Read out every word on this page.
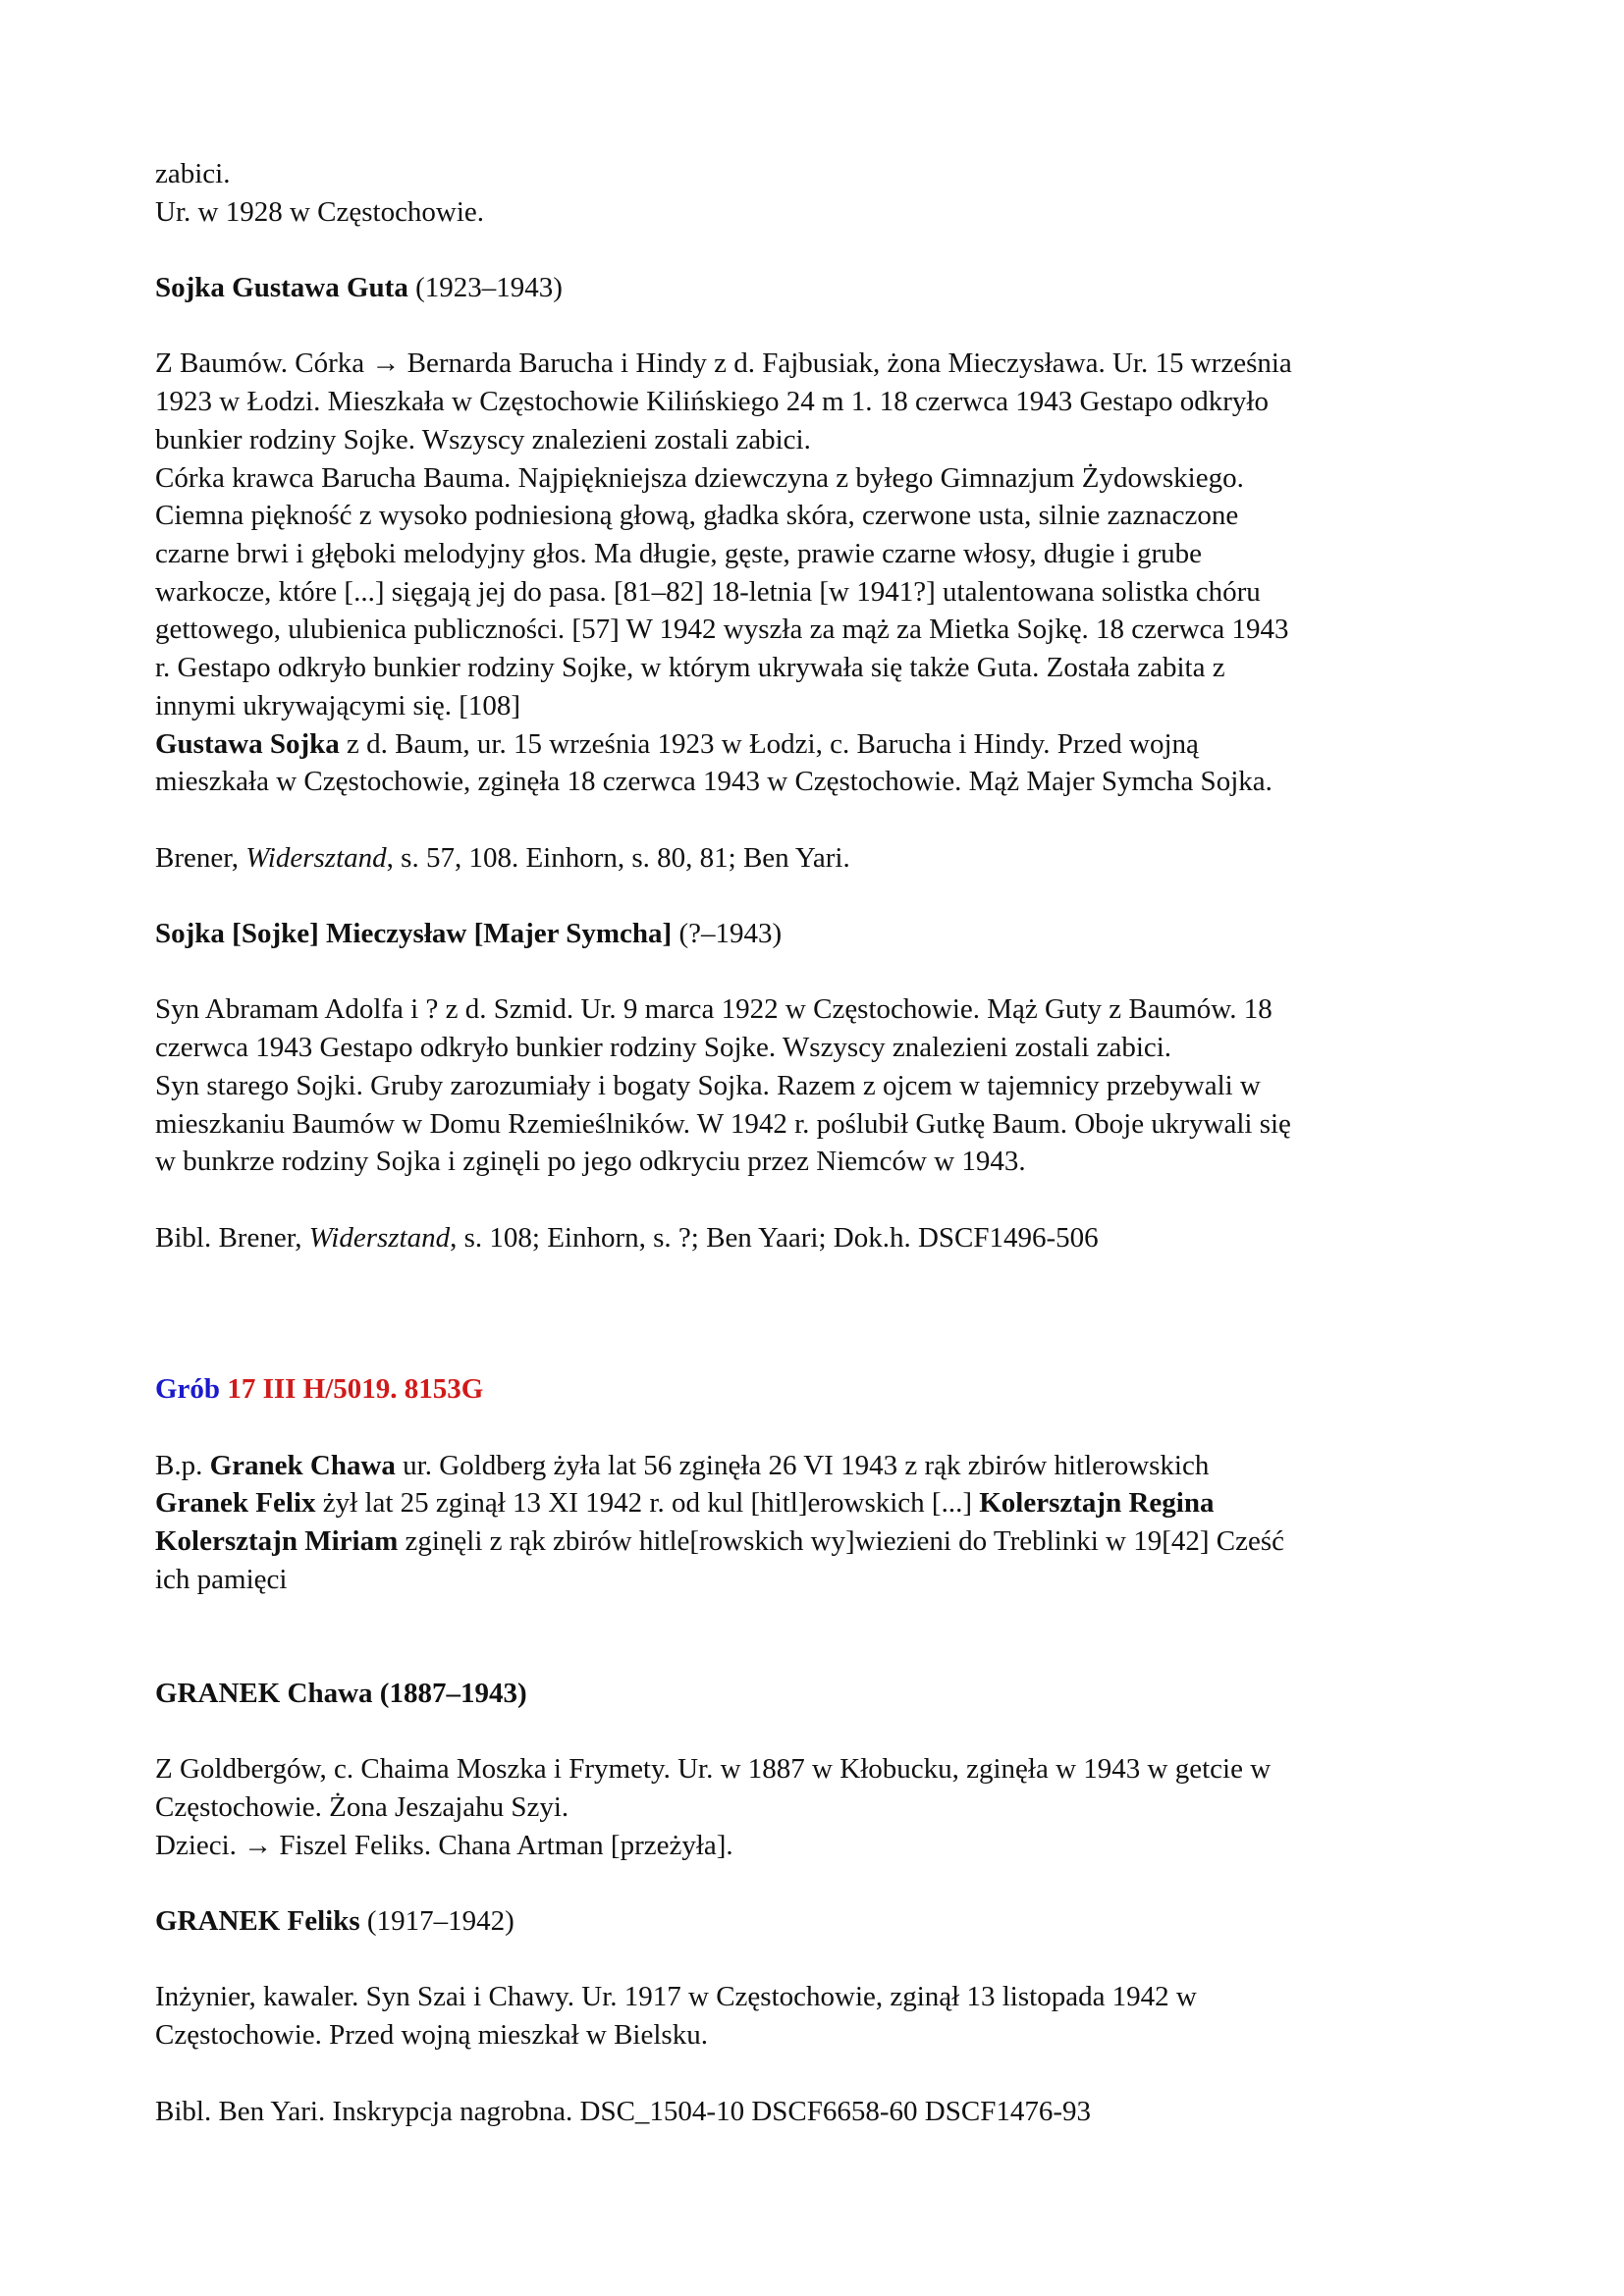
zabici.

Ur. w 1928 w Częstochowie.

Sojka Gustawa Guta (1923–1943)

Z Baumów. Córka → Bernarda Barucha i Hindy z d. Fajbusiak, żona Mieczysława. Ur. 15 września

1923 w Łodzi. Mieszkała w Częstochowie Kilińskiego 24 m 1. 18 czerwca 1943 Gestapo odkryło

bunkier rodziny Sojke. Wszyscy znalezieni zostali zabici.

Córka krawca Barucha Bauma. Najpiękniejsza dziewczyna z byłego Gimnazjum Żydowskiego.

Ciemna piękność z wysoko podniesioną głową, gładka skóra, czerwone usta, silnie zaznaczone

czarne brwi i głęboki melodyjny głos. Ma długie, gęste, prawie czarne włosy, długie i grube

warkocze, które [...] sięgają jej do pasa. [81–82] 18-letnia [w 1941?] utalentowana solistka chóru

gettowego, ulubienica publiczności. [57] W 1942 wyszła za mąż za Mietka Sojkę. 18 czerwca 1943

r. Gestapo odkryło bunkier rodziny Sojke, w którym ukrywała się także Guta. Została zabita z

innymi ukrywającymi się. [108]

Gustawa Sojka z d. Baum, ur. 15 września 1923 w Łodzi, c. Barucha i Hindy. Przed wojną

mieszkała w Częstochowie, zginęła 18 czerwca 1943 w Częstochowie. Mąż Majer Symcha Sojka.

Brener, Widersztand, s. 57, 108. Einhorn, s. 80, 81; Ben Yari.

Sojka [Sojke] Mieczysław [Majer Symcha] (?–1943)

Syn Abramam Adolfa i ? z d. Szmid. Ur. 9 marca 1922 w Częstochowie. Mąż Guty z Baumów. 18

czerwca 1943 Gestapo odkryło bunkier rodziny Sojke. Wszyscy znalezieni zostali zabici.

Syn starego Sojki. Gruby zarozumiały i bogaty Sojka. Razem z ojcem w tajemnicy przebywali w

mieszkaniu Baumów w Domu Rzemieślników. W 1942 r. poślubił Gutkę Baum. Oboje ukrywali się

w bunkrze rodziny Sojka i zginęli po jego odkryciu przez Niemców w 1943.

Bibl. Brener, Widersztand, s. 108; Einhorn, s. ?; Ben Yaari; Dok.h. DSCF1496-506

Grób 17 III H/5019. 8153G

B.p. Granek Chawa ur. Goldberg żyła lat 56 zginęła 26 VI 1943 z rąk zbirów hitlerowskich

Granek Felix żył lat 25 zginął 13 XI 1942 r. od kul [hitl]erowskich [...] Kolersztajn Regina

Kolersztajn Miriam zginęli z rąk zbirów hitle[rowskich wy]wiezieni do Treblinki w 19[42] Cześć

ich pamięci

GRANEK Chawa (1887–1943)

Z Goldbergów, c. Chaima Moszka i Frymety. Ur. w 1887 w Kłobucku, zginęła w 1943 w getcie w

Częstochowie. Żona Jeszajahu Szyi.

Dzieci. → Fiszel Feliks. Chana Artman [przeżyła].

GRANEK Feliks (1917–1942)

Inżynier, kawaler. Syn Szai i Chawy. Ur. 1917 w Częstochowie, zginął 13 listopada 1942 w

Częstochowie. Przed wojną mieszkał w Bielsku.

Bibl. Ben Yari. Inskrypcja nagrobna. DSC_1504-10 DSCF6658-60 DSCF1476-93
